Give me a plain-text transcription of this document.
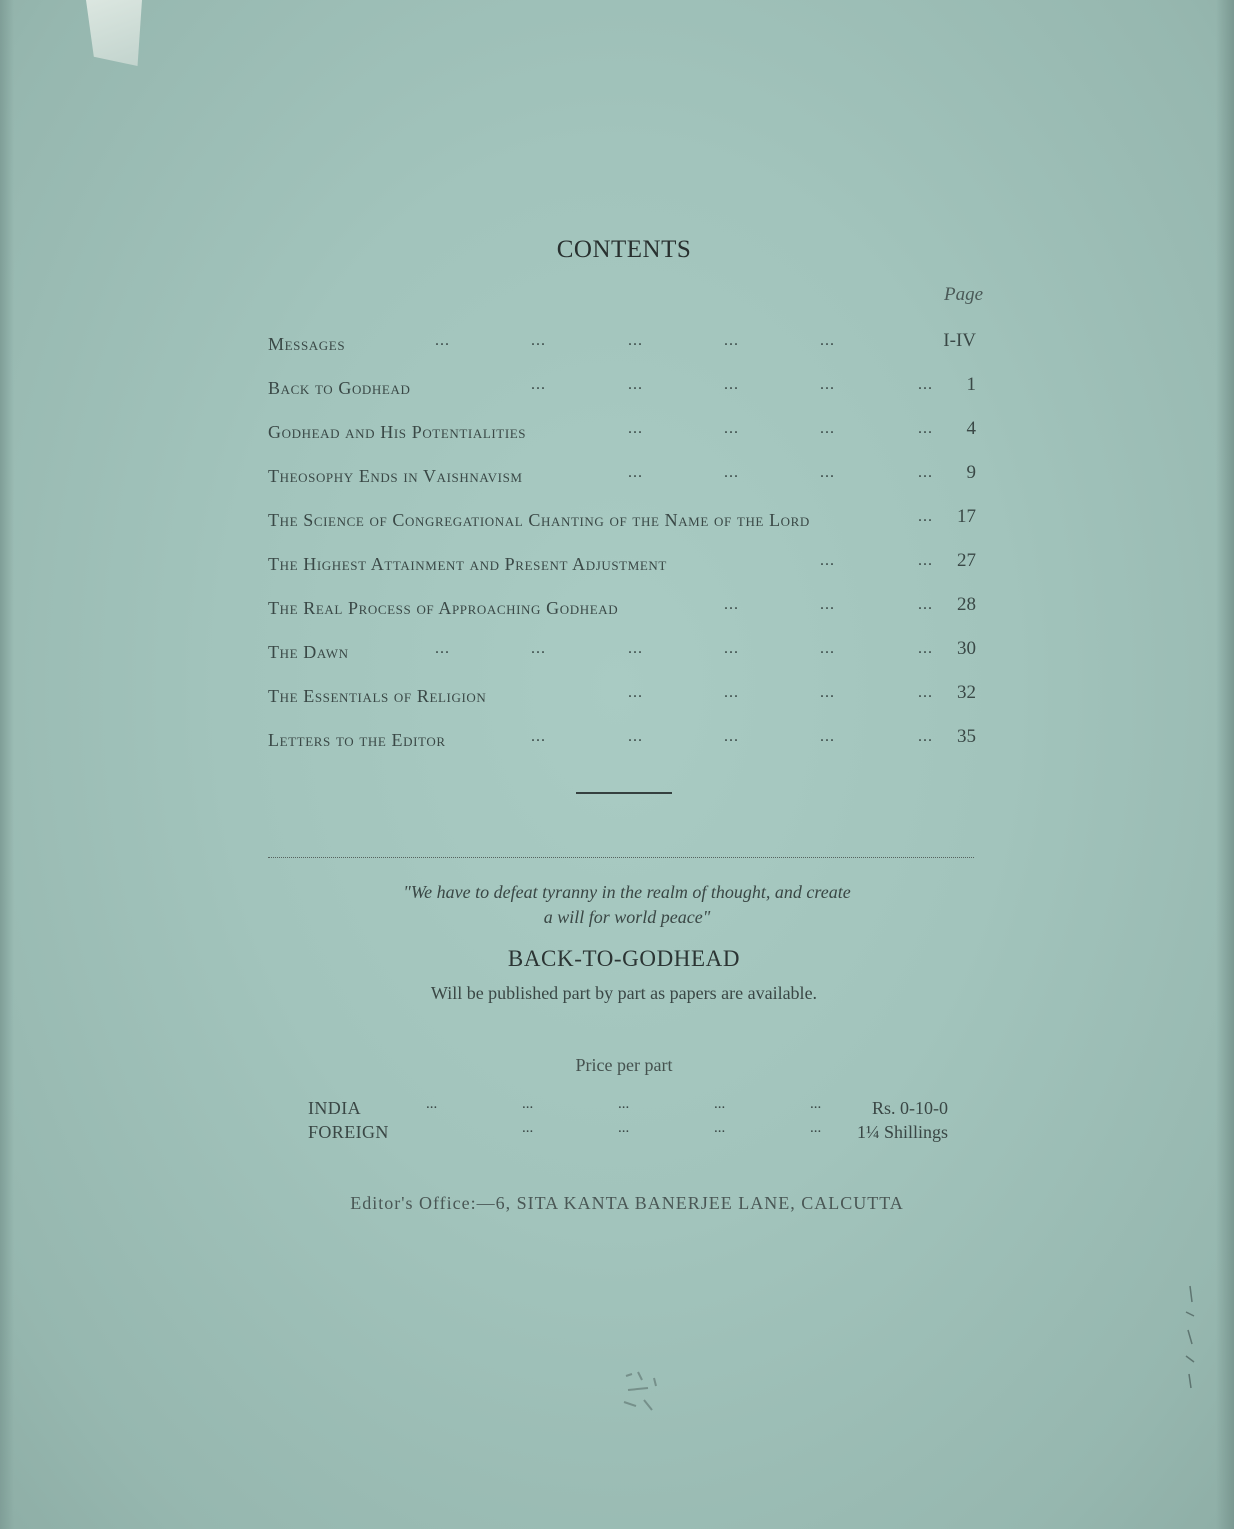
CONTENTS
Page
...	...	...	...	...
Messages	I-IV
...	...	...	...	...
Back to Godhead	1
...	...	...	...
Godhead and His Potentialities	4
...	...	...	...
Theosophy Ends in Vaishnavism	9
...
The Science of Congregational Chanting of the Name of the Lord	17
...	...
The Highest Attainment and Present Adjustment	27
...	...	...
The Real Process of Approaching Godhead	28
...	...	...	...	...	...
The Dawn	30
...	...	...	...
The Essentials of Religion	32
...	...	...	...	...
Letters to the Editor	35
"We have to defeat tyranny in the realm of thought, and create
a will for world peace"
BACK-TO-GODHEAD
Will be published part by part as papers are available.
Price per part
INDIA	...	...	...	...	...	Rs. 0-10-0
FOREIGN	...	...	...	... 1¼ Shillings
Editor's Office:—6, SITA KANTA BANERJEE LANE, CALCUTTA
